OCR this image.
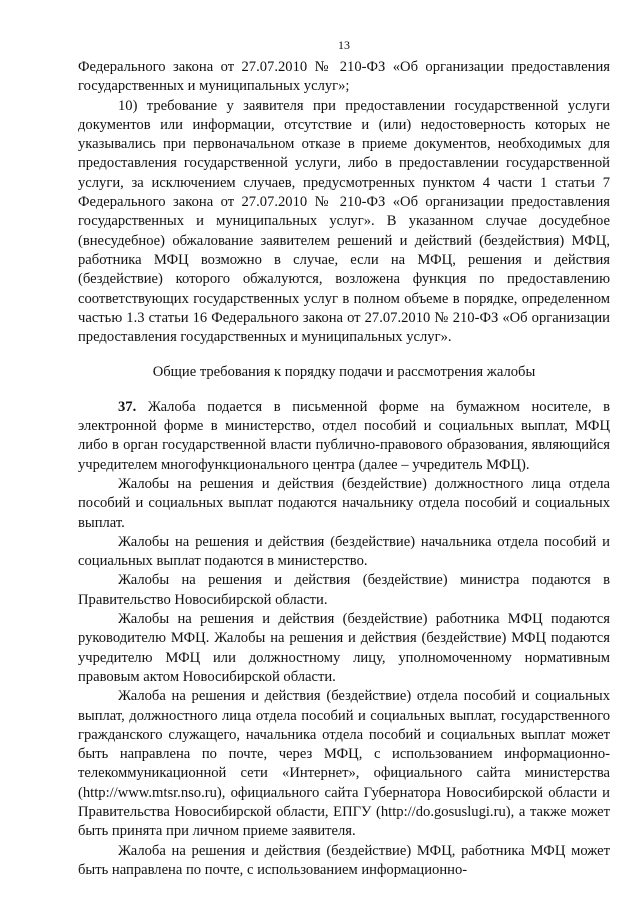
13

Федерального закона от 27.07.2010 № 210-ФЗ «Об организации предоставления государственных и муниципальных услуг»;

10) требование у заявителя при предоставлении государственной услуги документов или информации, отсутствие и (или) недостоверность которых не указывались при первоначальном отказе в приеме документов, необходимых для предоставления государственной услуги, либо в предоставлении государственной услуги, за исключением случаев, предусмотренных пунктом 4 части 1 статьи 7 Федерального закона от 27.07.2010 № 210-ФЗ «Об организации предоставления государственных и муниципальных услуг». В указанном случае досудебное (внесудебное) обжалование заявителем решений и действий (бездействия) МФЦ, работника МФЦ возможно в случае, если на МФЦ, решения и действия (бездействие) которого обжалуются, возложена функция по предоставлению соответствующих государственных услуг в полном объеме в порядке, определенном частью 1.3 статьи 16 Федерального закона от 27.07.2010 № 210-ФЗ «Об организации предоставления государственных и муниципальных услуг».

Общие требования к порядку подачи и рассмотрения жалобы

37. Жалоба подается в письменной форме на бумажном носителе, в электронной форме в министерство, отдел пособий и социальных выплат, МФЦ либо в орган государственной власти публично-правового образования, являющийся учредителем многофункционального центра (далее – учредитель МФЦ).

Жалобы на решения и действия (бездействие) должностного лица отдела пособий и социальных выплат подаются начальнику отдела пособий и социальных выплат.

Жалобы на решения и действия (бездействие) начальника отдела пособий и социальных выплат подаются в министерство.

Жалобы на решения и действия (бездействие) министра подаются в Правительство Новосибирской области.

Жалобы на решения и действия (бездействие) работника МФЦ подаются руководителю МФЦ. Жалобы на решения и действия (бездействие) МФЦ подаются учредителю МФЦ или должностному лицу, уполномоченному нормативным правовым актом Новосибирской области.

Жалоба на решения и действия (бездействие) отдела пособий и социальных выплат, должностного лица отдела пособий и социальных выплат, государственного гражданского служащего, начальника отдела пособий и социальных выплат может быть направлена по почте, через МФЦ, с использованием информационно-телекоммуникационной сети «Интернет», официального сайта министерства (http://www.mtsr.nso.ru), официального сайта Губернатора Новосибирской области и Правительства Новосибирской области, ЕПГУ (http://do.gosuslugi.ru), а также может быть принята при личном приеме заявителя.

Жалоба на решения и действия (бездействие) МФЦ, работника МФЦ может быть направлена по почте, с использованием информационно-
